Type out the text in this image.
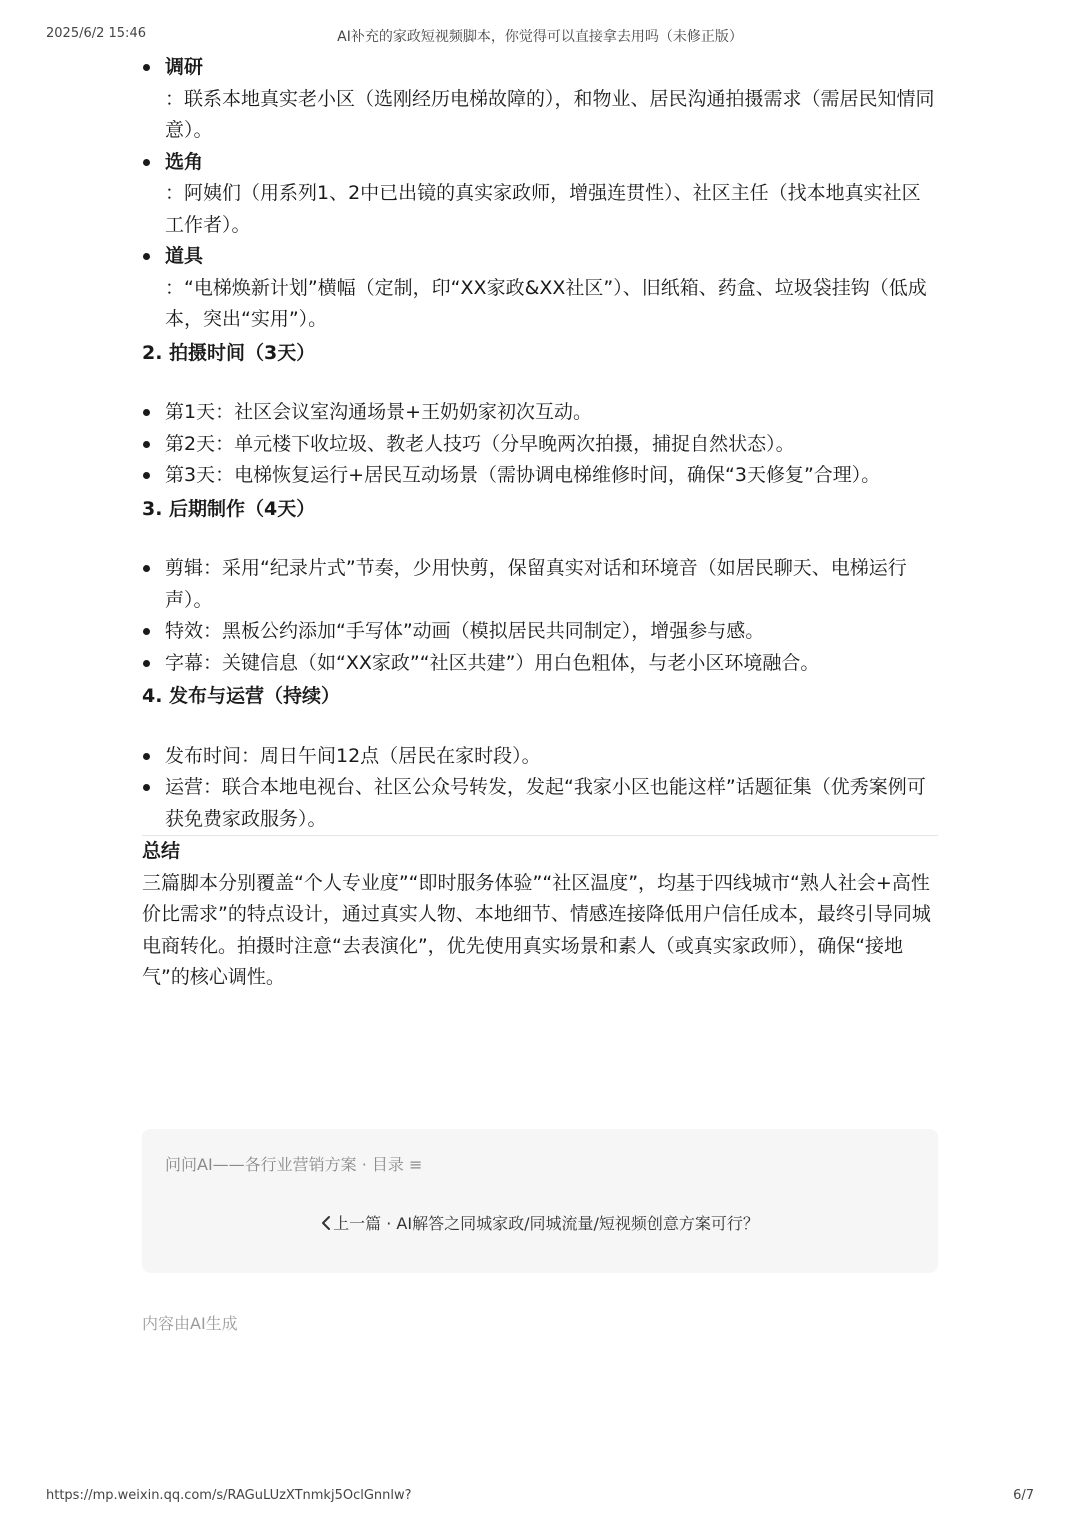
2025/6/2 15:46	AI补充的家政短视频脚本，你觉得可以直接拿去用吗（未修正版）
调研
：联系本地真实老小区（选刚经历电梯故障的），和物业、居民沟通拍摄需求（需居民知情同意）。
选角
：阿姨们（用系列1、2中已出镜的真实家政师，增强连贯性）、社区主任（找本地真实社区工作者）。
道具
：“电梯焕新计划”横幅（定制，印“XX家政&XX社区”）、旧纸箱、药盒、垃圾袋挂钩（低成本，突出“实用”）。
2. 拍摄时间（3天）
第1天：社区会议室沟通场景+王奶奶家初次互动。
第2天：单元楼下收垃圾、教老人技巧（分早晚两次拍摄，捕捉自然状态）。
第3天：电梯恢复运行+居民互动场景（需协调电梯维修时间，确保“3天修复”合理）。
3. 后期制作（4天）
剪辑：采用“纪录片式”节奏，少用快剪，保留真实对话和环境音（如居民聊天、电梯运行声）。
特效：黑板公约添加“手写体”动画（模拟居民共同制定），增强参与感。
字幕：关键信息（如“XX家政”“社区共建”）用白色粗体，与老小区环境融合。
4. 发布与运营（持续）
发布时间：周日午间12点（居民在家时段）。
运营：联合本地电视台、社区公众号转发，发起“我家小区也能这样”话题征集（优秀案例可获免费家政服务）。
总结

三篇脚本分别覆盖“个人专业度”“即时服务体验”“社区温度”，均基于四线城市“熟人社会+高性价比需求”的特点设计，通过真实人物、本地细节、情感连接降低用户信任成本，最终引导同城电商转化。拍摄时注意“去表演化”，优先使用真实场景和素人（或真实家政师），确保“接地气”的核心调性。

问问AI——各行业营销方案 · 目录 ≡
上一篇 · AI解答之同城家政/同城流量/短视频创意方案可行？
内容由AI生成
https://mp.weixin.qq.com/s/RAGuLUzXTnmkj5OclGnnlw?	6/7
